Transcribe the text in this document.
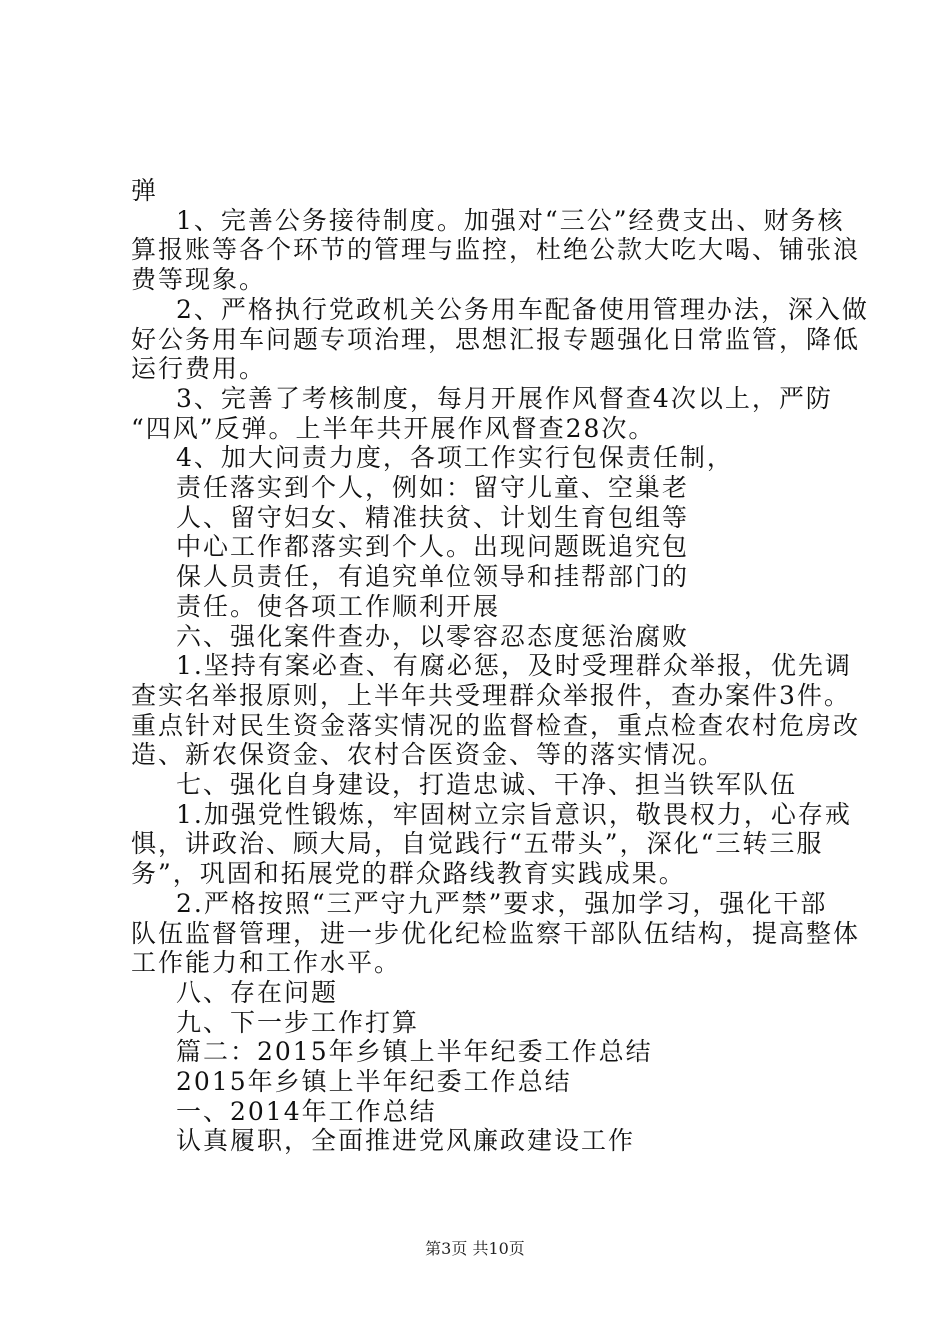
弹
1、完善公务接待制度。加强对“三公”经费支出、财务核
算报账等各个环节的管理与监控，杜绝公款大吃大喝、铺张浪
费等现象。
2、严格执行党政机关公务用车配备使用管理办法，深入做
好公务用车问题专项治理，思想汇报专题强化日常监管，降低
运行费用。
3、完善了考核制度，每月开展作风督查4次以上，严防
“四风”反弹。上半年共开展作风督查28次。
4、加大问责力度，各项工作实行包保责任制，
责任落实到个人，例如：留守儿童、空巢老
人、留守妇女、精准扶贫、计划生育包组等
中心工作都落实到个人。出现问题既追究包
保人员责任，有追究单位领导和挂帮部门的
责任。使各项工作顺利开展
六、强化案件查办，以零容忍态度惩治腐败
1.坚持有案必查、有腐必惩，及时受理群众举报，优先调
查实名举报原则，上半年共受理群众举报件，查办案件3件。
重点针对民生资金落实情况的监督检查，重点检查农村危房改
造、新农保资金、农村合医资金、等的落实情况。
七、强化自身建设，打造忠诚、干净、担当铁军队伍
1.加强党性锻炼，牢固树立宗旨意识，敬畏权力，心存戒
惧，讲政治、顾大局，自觉践行“五带头”，深化“三转三服
务”，巩固和拓展党的群众路线教育实践成果。
2.严格按照“三严守九严禁”要求，强加学习，强化干部
队伍监督管理，进一步优化纪检监察干部队伍结构，提高整体
工作能力和工作水平。
八、存在问题
九、下一步工作打算
篇二：2015年乡镇上半年纪委工作总结
2015年乡镇上半年纪委工作总结
一、2014年工作总结
认真履职，全面推进党风廉政建设工作
第3页 共10页
